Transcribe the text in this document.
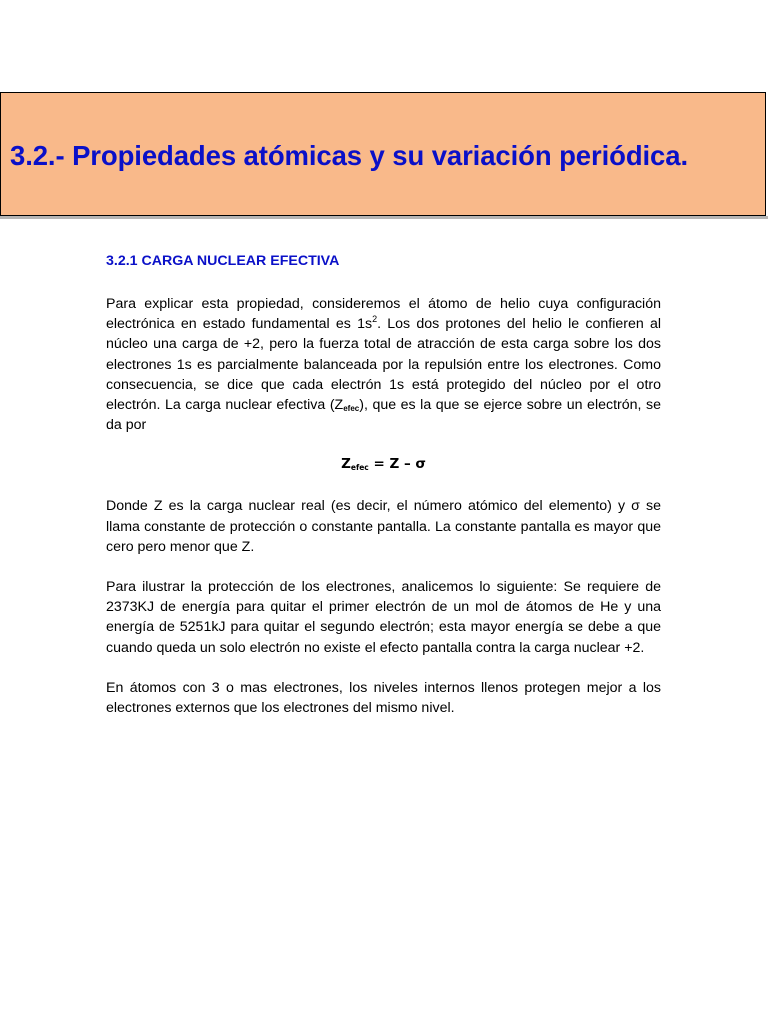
3.2.- Propiedades atómicas y su variación periódica.
3.2.1 CARGA NUCLEAR EFECTIVA

Para explicar esta propiedad, consideremos el átomo de helio cuya configuración electrónica en estado fundamental es $1s^2$. Los dos protones del helio le confieren al núcleo una carga de +2, pero la fuerza total de atracción de esta carga sobre los dos electrones 1s es parcialmente balanceada por la repulsión entre los electrones. Como consecuencia, se dice que cada electrón 1s está protegido del núcleo por el otro electrón. La carga nuclear efectiva $(Z_{efec})$, que es la que se ejerce sobre un electrón, se da por

$Z_{efec} = Z - \sigma$

Donde Z es la carga nuclear real (es decir, el número atómico del elemento) y σ se llama constante de protección o constante pantalla. La constante pantalla es mayor que cero pero menor que Z.

Para ilustrar la protección de los electrones, analicemos lo siguiente: Se requiere de 2373KJ de energía para quitar el primer electrón de un mol de átomos de He y una energía de 5251kJ para quitar el segundo electrón; esta mayor energía se debe a que cuando queda un solo electrón no existe el efecto pantalla contra la carga nuclear +2.

En átomos con 3 o mas electrones, los niveles internos llenos protegen mejor a los electrones externos que los electrones del mismo nivel.
